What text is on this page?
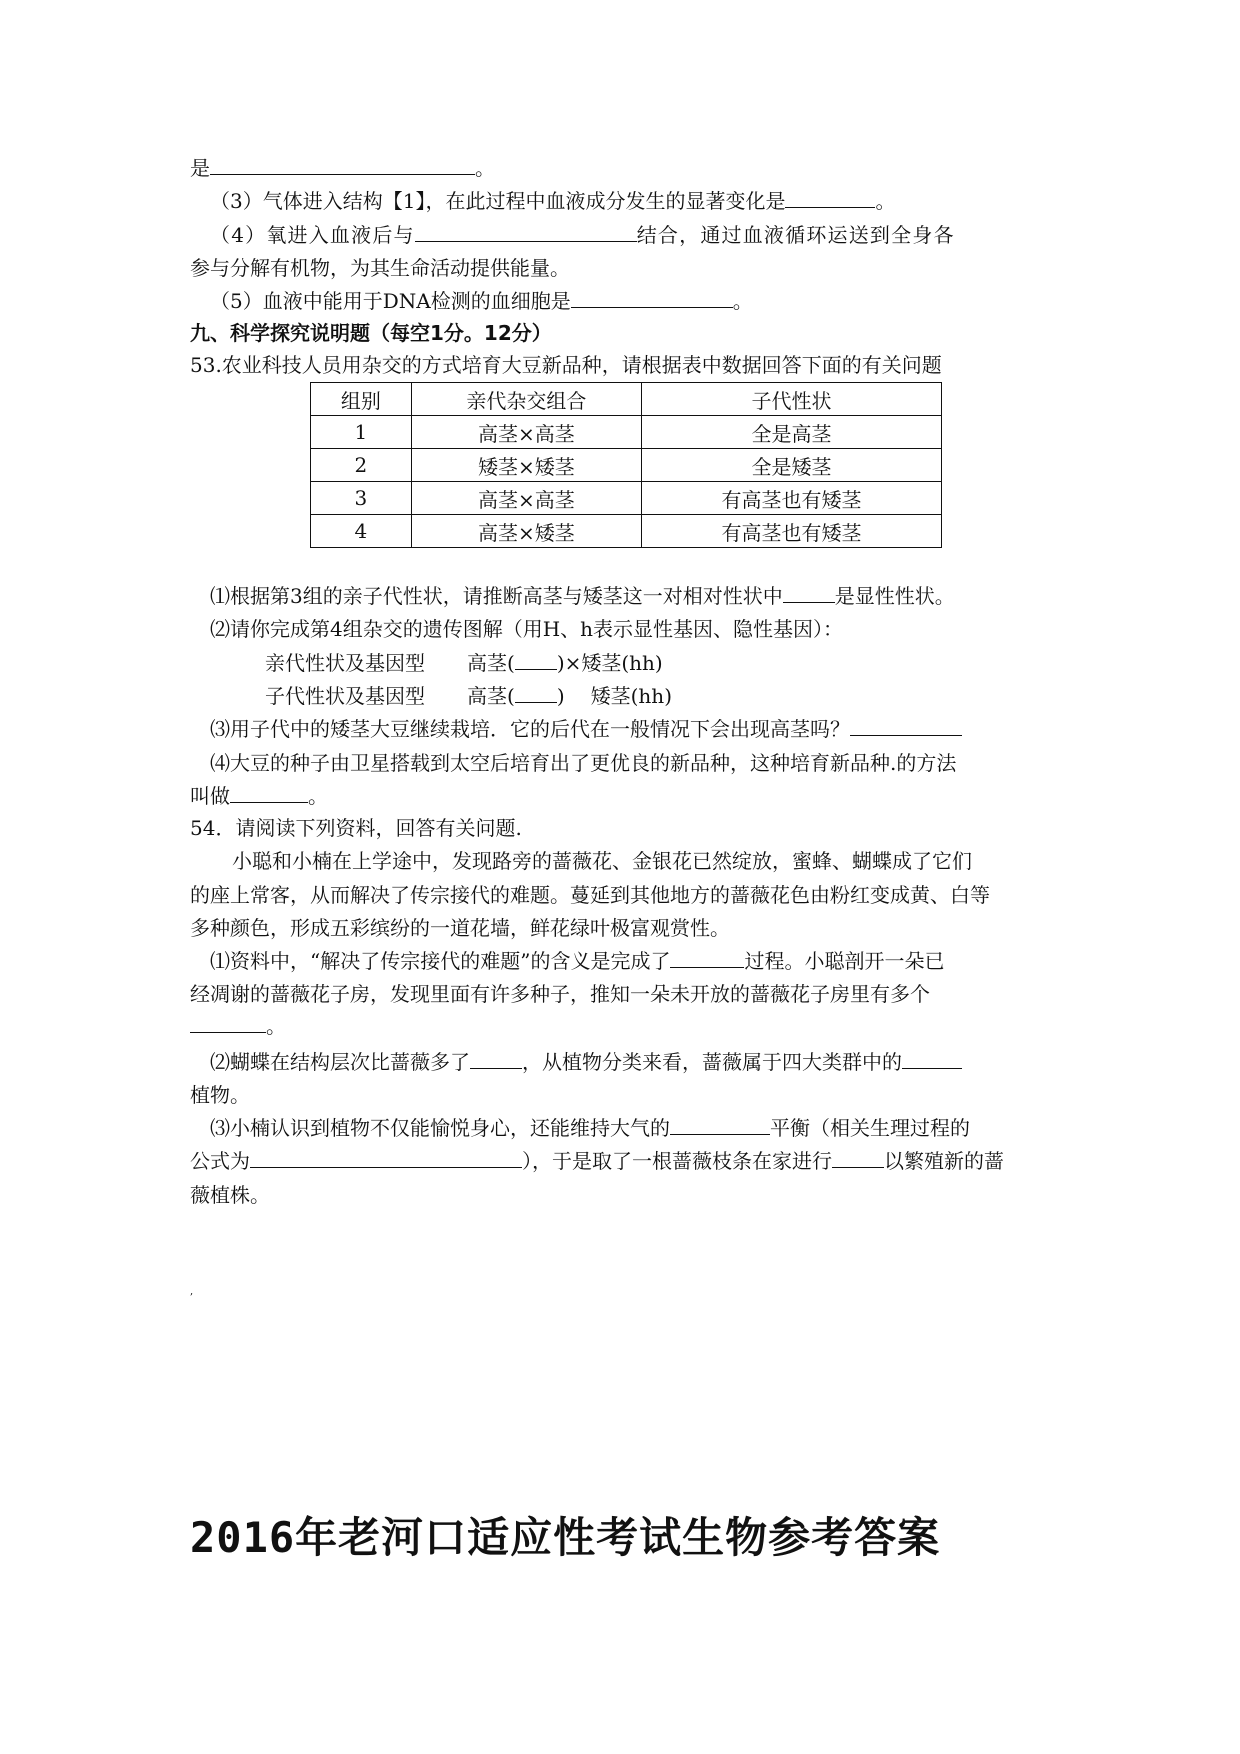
是	。
（3）气体进入结构【1】，在此过程中血液成分发生的显著变化是	。
（4）氧进入血液后与	结合，通过血液循环运送到全身各
参与分解有机物，为其生命活动提供能量。
（5）血液中能用于DNA检测的血细胞是	。
九、科学探究说明题（每空1分。12分）
53.农业科技人员用杂交的方式培育大豆新品种，请根据表中数据回答下面的有关问题
组别	亲代杂交组合	子代性状
1	高茎×高茎	全是高茎
2	矮茎×矮茎	全是矮茎
3	高茎×高茎	有高茎也有矮茎
4	高茎×矮茎	有高茎也有矮茎
⑴根据第3组的亲子代性状，请推断高茎与矮茎这一对相对性状中	是显性性状。
⑵请你完成第4组杂交的遗传图解（用H、h表示显性基因、隐性基因）：
亲代性状及基因型 高茎( )×矮茎(hh)
子代性状及基因型 高茎( ) 矮茎(hh)
⑶用子代中的矮茎大豆继续栽培．它的后代在一般情况下会出现高茎吗？
⑷大豆的种子由卫星搭载到太空后培育出了更优良的新品种，这种培育新品种.的方法
叫做	。
54．请阅读下列资料，回答有关问题.
小聪和小楠在上学途中，发现路旁的蔷薇花、金银花已然绽放，蜜蜂、蝴蝶成了它们
的座上常客，从而解决了传宗接代的难题。蔓延到其他地方的蔷薇花色由粉红变成黄、白等
多种颜色，形成五彩缤纷的一道花墙，鲜花绿叶极富观赏性。
⑴资料中，“解决了传宗接代的难题”的含义是完成了	过程。小聪剖开一朵已
经凋谢的蔷薇花子房，发现里面有许多种子，推知一朵未开放的蔷薇花子房里有多个
。
⑵蝴蝶在结构层次比蔷薇多了	，从植物分类来看，蔷薇属于四大类群中的
植物。
⑶小楠认识到植物不仅能愉悦身心，还能维持大气的	平衡（相关生理过程的
公式为	），于是取了一根蔷薇枝条在家进行	以繁殖新的蔷
薇植株。
,
2016年老河口适应性考试生物参考答案
